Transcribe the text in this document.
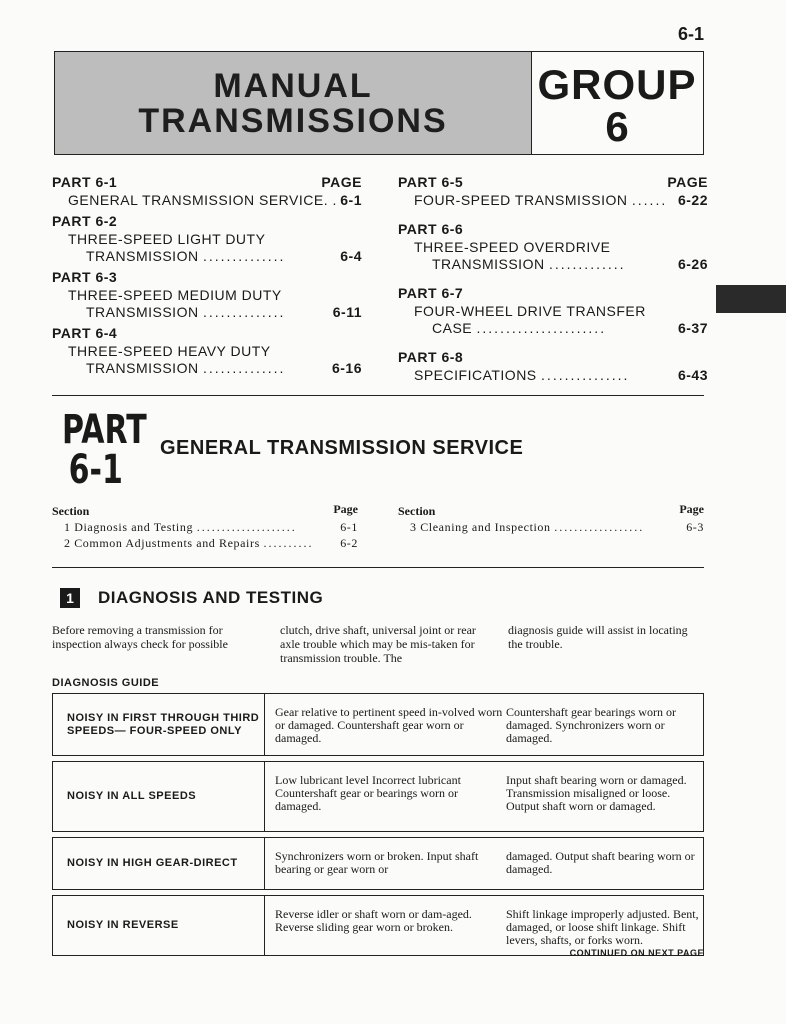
6-1
MANUAL
TRANSMISSIONS
GROUP
6
PART 6-1	PAGE
GENERAL TRANSMISSION SERVICE. . 6-1
PART 6-2
THREE-SPEED LIGHT DUTY
TRANSMISSION ..............	6-4
PART 6-3
THREE-SPEED MEDIUM DUTY
TRANSMISSION ..............	6-11
PART 6-4
THREE-SPEED HEAVY DUTY
TRANSMISSION ..............	6-16
PART 6-5	PAGE
FOUR-SPEED TRANSMISSION ...... 6-22
PART 6-6
THREE-SPEED OVERDRIVE
TRANSMISSION .............	6-26
PART 6-7
FOUR-WHEEL DRIVE TRANSFER
CASE ......................	6-37
PART 6-8
SPECIFICATIONS ...............	6-43
PART
6-1	GENERAL TRANSMISSION SERVICE
Section	Page
1 Diagnosis and Testing ....................	6-1
2 Common Adjustments and Repairs .......... 6-2
Section	Page
3 Cleaning and Inspection ..................	6-3
1	DIAGNOSIS AND TESTING
Before removing a transmission for inspection always check for possible
clutch, drive shaft, universal joint or rear axle trouble which may be mis-taken for transmission trouble. The
diagnosis guide will assist in locating the trouble.
DIAGNOSIS GUIDE
NOISY IN FIRST THROUGH THIRD SPEEDS— FOUR-SPEED ONLY	Gear relative to pertinent speed in-volved worn or damaged. Countershaft gear worn or damaged.	Countershaft gear bearings worn or damaged. Synchronizers worn or damaged.

NOISY IN ALL SPEEDS	Low lubricant level Incorrect lubricant Countershaft gear or bearings worn or damaged.	Input shaft bearing worn or damaged. Transmission misaligned or loose. Output shaft worn or damaged.

NOISY IN HIGH GEAR-DIRECT	Synchronizers worn or broken. Input shaft bearing or gear worn or	damaged. Output shaft bearing worn or damaged.

NOISY IN REVERSE	Reverse idler or shaft worn or dam-aged. Reverse sliding gear worn or broken.	Shift linkage improperly adjusted. Bent, damaged, or loose shift linkage. Shift levers, shafts, or forks worn.
CONTINUED ON NEXT PAGE
